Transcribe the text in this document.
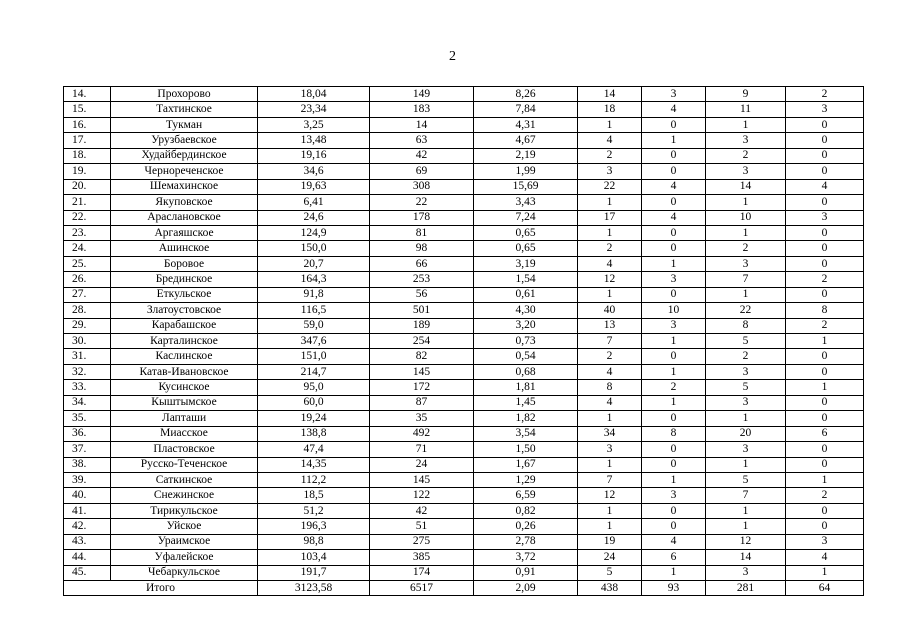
2
14.	Прохорово	18,04	149	8,26	14	3	9	2
15.	Тахтинское	23,34	183	7,84	18	4	11	3
16.	Тукман	3,25	14	4,31	1	0	1	0
17.	Урузбаевское	13,48	63	4,67	4	1	3	0
18.	Худайбердинское	19,16	42	2,19	2	0	2	0
19.	Чернореченское	34,6	69	1,99	3	0	3	0
20.	Шемахинское	19,63	308	15,69	22	4	14	4
21.	Якуповское	6,41	22	3,43	1	0	1	0
22.	Арасланoвское	24,6	178	7,24	17	4	10	3
23.	Аргаяшское	124,9	81	0,65	1	0	1	0
24.	Ашинское	150,0	98	0,65	2	0	2	0
25.	Боровое	20,7	66	3,19	4	1	3	0
26.	Брединское	164,3	253	1,54	12	3	7	2
27.	Еткульское	91,8	56	0,61	1	0	1	0
28.	Златоустовское	116,5	501	4,30	40	10	22	8
29.	Карабашское	59,0	189	3,20	13	3	8	2
30.	Карталинское	347,6	254	0,73	7	1	5	1
31.	Каслинское	151,0	82	0,54	2	0	2	0
32.	Катав-Ивановское	214,7	145	0,68	4	1	3	0
33.	Кусинское	95,0	172	1,81	8	2	5	1
34.	Кыштымское	60,0	87	1,45	4	1	3	0
35.	Лапташи	19,24	35	1,82	1	0	1	0
36.	Миасское	138,8	492	3,54	34	8	20	6
37.	Пластовское	47,4	71	1,50	3	0	3	0
38.	Русско-Теченское	14,35	24	1,67	1	0	1	0
39.	Саткинское	112,2	145	1,29	7	1	5	1
40.	Снежинское	18,5	122	6,59	12	3	7	2
41.	Тирикульское	51,2	42	0,82	1	0	1	0
42.	Уйское	196,3	51	0,26	1	0	1	0
43.	Ураимское	98,8	275	2,78	19	4	12	3
44.	Уфалейское	103,4	385	3,72	24	6	14	4
45.	Чебаркульское	191,7	174	0,91	5	1	3	1
Итого		3123,58	6517	2,09	438	93	281	64
